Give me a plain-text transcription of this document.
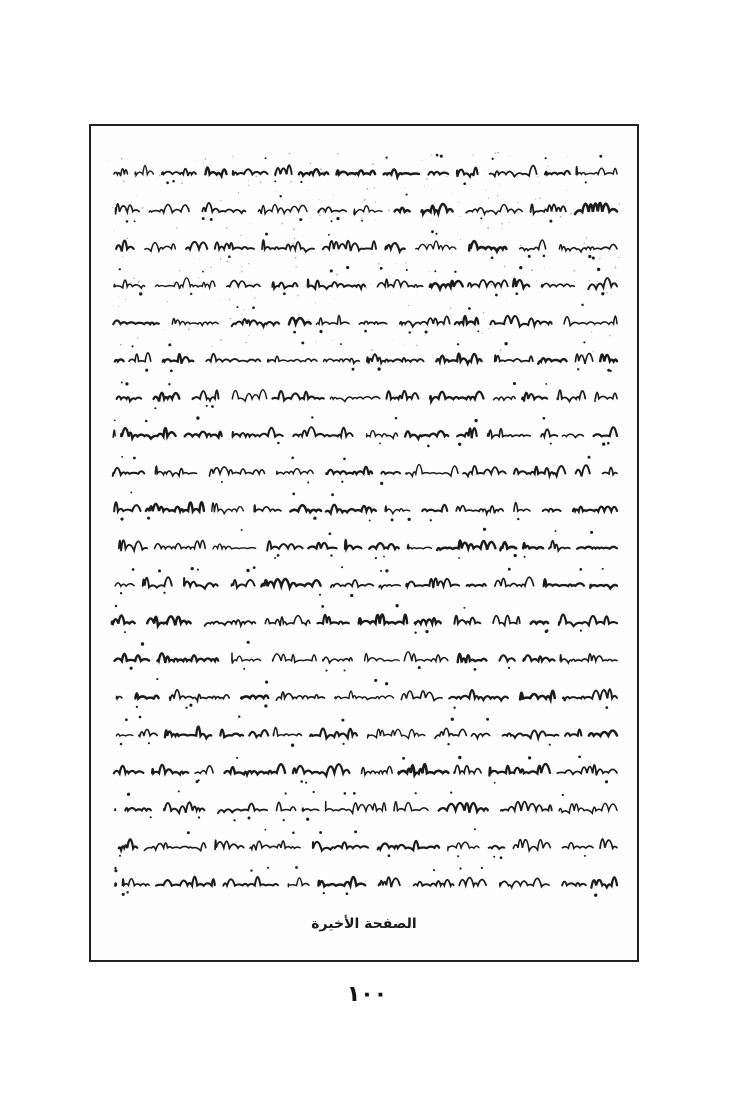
الصفحة الأخيرة
١٠٠
